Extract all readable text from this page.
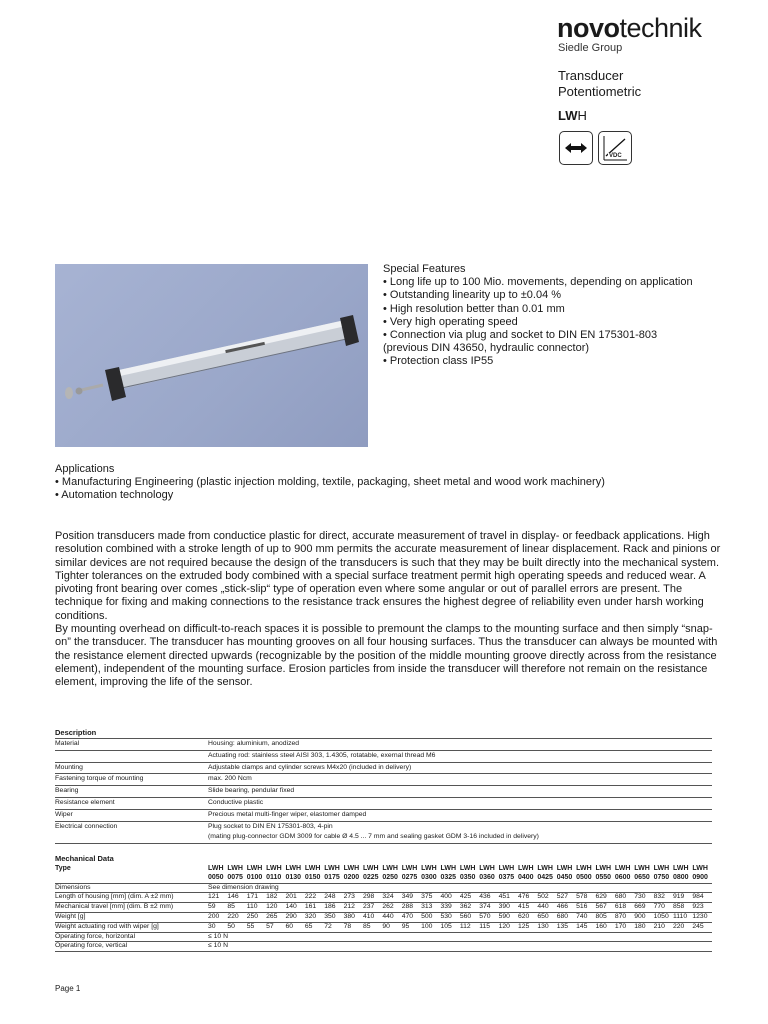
novotechnik
Siedle Group
Transducer
Potentiometric
LWH
VDC
Special Features
• Long life up to 100 Mio. movements, depending on application
• Outstanding linearity up to ±0.04 %
• High resolution better than 0.01 mm
• Very high operating speed
• Connection via plug and socket to DIN EN 175301-803
(previous DIN 43650, hydraulic connector)
• Protection class IP55
Applications
• Manufacturing Engineering (plastic injection molding, textile, packaging, sheet metal and wood work machinery)
• Automation technology

Position transducers made from conductice plastic for direct, accurate measurement of travel in display- or feedback applications. High resolution combined with a stroke length of up to 900 mm permits the accurate measurement of linear displacement. Rack and pinions or similar devices are not required because the design of the transducers is such that they may be built directly into the mechanical system. Tighter tolerances on the extruded body combined with a special surface treatment permit high operating speeds and reduced wear. A pivoting front bearing over comes „stick-slip“ type of operation even where some angular or out of parallel errors are present. The technique for fixing and making connections to the resistance track ensures the highest degree of reliability even under harsh working conditions.

By mounting overhead on difficult-to-reach spaces it is possible to premount the clamps to the mounting surface and then simply “snap-on” the transducer. The transducer has mounting grooves on all four housing surfaces. Thus the transducer can always be mounted with the resistance element directed upwards (recognizable by the position of the middle mounting groove directly across from the resistance element), independent of the mounting surface. Erosion particles from inside the transducer will therefore not remain on the resistance element, improving the life of the sensor.

Description
Material	Housing: aluminium, anodized
	Actuating rod: stainless steel AISI 303, 1.4305, rotatable, exernal thread M6
Mounting	Adjustable clamps and cylinder screws M4x20 (included in delivery)
Fastening torque of mounting	max. 200 Ncm
Bearing	Slide bearing, pendular fixed
Resistance element	Conductive plastic
Wiper	Precious metal multi-finger wiper, elastomer damped
Electrical connection	Plug socket to DIN EN 175301-803, 4-pin
	(mating plug-connector GDM 3009 for cable Ø 4.5 ... 7 mm and sealing gasket GDM 3-16 included in delivery)
Mechanical Data
Type	LWH	LWH	LWH	LWH	LWH	LWH	LWH	LWH	LWH	LWH	LWH	LWH	LWH	LWH	LWH	LWH	LWH	LWH	LWH	LWH	LWH	LWH	LWH	LWH	LWH	LWH
	0050	0075	0100	0110	0130	0150	0175	0200	0225	0250	0275	0300	0325	0350	0360	0375	0400	0425	0450	0500	0550	0600	0650	0750	0800	0900
Dimensions	See dimension drawing																									
Length of housing [mm] (dim. A ±2 mm)	121	146	171	182	201	222	248	273	298	324	349	375	400	425	436	451	476	502	527	578	629	680	730	832	919	984
Mechanical travel [mm] (dim. B ±2 mm)	59	85	110	120	140	161	186	212	237	262	288	313	339	362	374	390	415	440	466	516	567	618	669	770	858	923
Weight [g]	200	220	250	265	290	320	350	380	410	440	470	500	530	560	570	590	620	650	680	740	805	870	900	1050	1110	1230
Weight actuating rod with wiper [g]	30	50	55	57	60	65	72	78	85	90	95	100	105	112	115	120	125	130	135	145	160	170	180	210	220	245
Operating force, horizontal	≤ 10 N																									
Operating force, vertical	≤ 10 N																									
Page 1
